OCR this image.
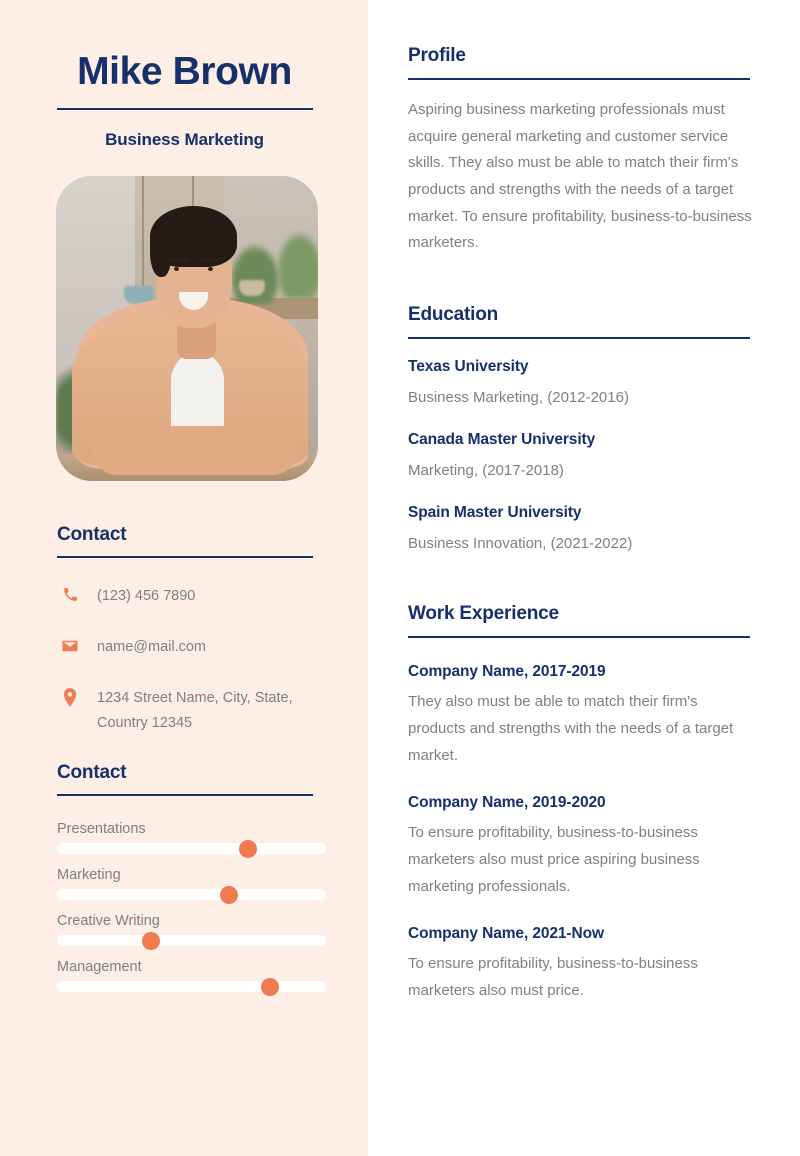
Mike Brown
Business Marketing
Contact
(123) 456 7890
name@mail.com
1234 Street Name, City, State, Country 12345
Contact
Presentations
Marketing
Creative Writing
Management
Profile

Aspiring business marketing professionals must acquire general marketing and customer service skills. They also must be able to match their firm's products and strengths with the needs of a target market. To ensure profitability, business-to-business marketers.

Education
Texas University
Business Marketing, (2012-2016)
Canada Master University
Marketing, (2017-2018)
Spain Master University
Business Innovation, (2021-2022)
Work Experience
Company Name, 2017-2019

They also must be able to match their firm's products and strengths with the needs of a target market.

Company Name, 2019-2020

To ensure profitability, business-to-business marketers also must price aspiring business marketing professionals.

Company Name, 2021-Now

To ensure profitability, business-to-business marketers also must price.
